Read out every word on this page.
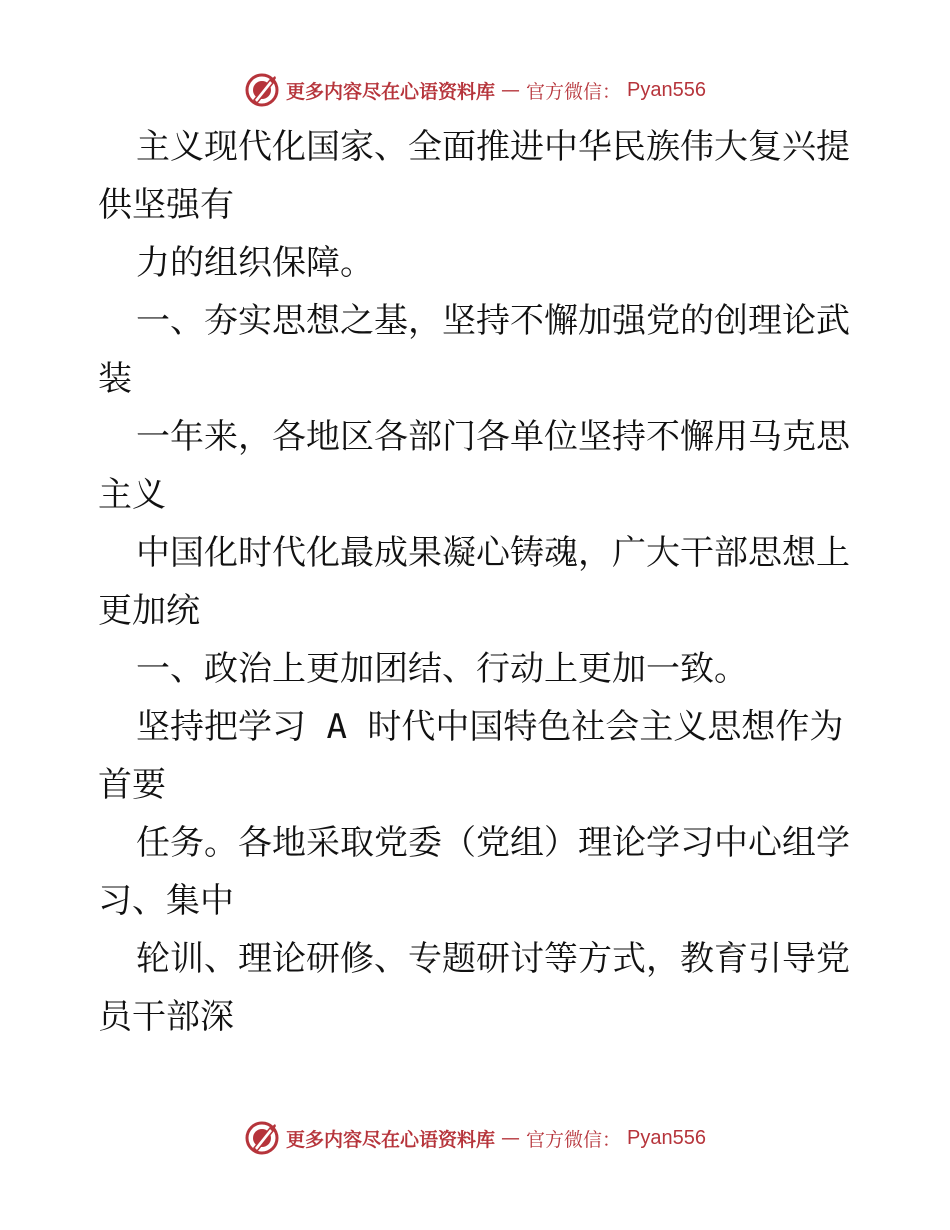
更多内容尽在心语资料库 — 官方微信： Pyan556
主义现代化国家、全面推进中华民族伟大复兴提
供坚强有
力的组织保障。
一、夯实思想之基，坚持不懈加强党的创理论武
装
一年来，各地区各部门各单位坚持不懈用马克思
主义
中国化时代化最成果凝心铸魂，广大干部思想上
更加统
一、政治上更加团结、行动上更加一致。
坚持把学习 A 时代中国特色社会主义思想作为
首要
任务。各地采取党委（党组）理论学习中心组学
习、集中
轮训、理论研修、专题研讨等方式，教育引导党
员干部深
更多内容尽在心语资料库 — 官方微信： Pyan556
